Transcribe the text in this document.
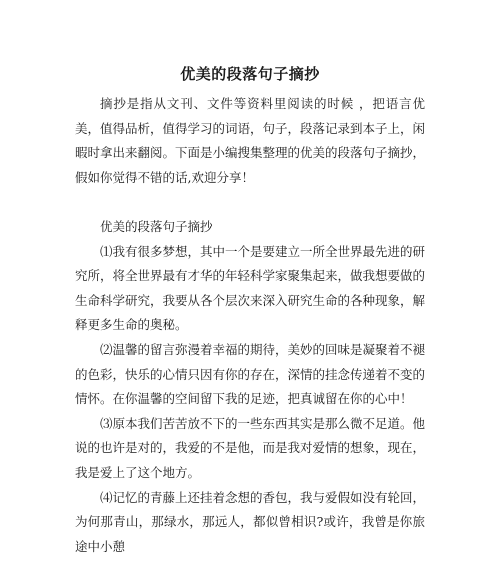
优美的段落句子摘抄

摘抄是指从文刊、文件等资料里阅读的时候 ，把语言优美，值得品析，值得学习的词语，句子，段落记录到本子上，闲暇时拿出来翻阅。下面是小编搜集整理的优美的段落句子摘抄，假如你觉得不错的话,欢迎分享！

优美的段落句子摘抄

⑴我有很多梦想，其中一个是要建立一所全世界最先进的研究所，将全世界最有才华的年轻科学家聚集起来，做我想要做的生命科学研究，我要从各个层次来深入研究生命的各种现象，解释更多生命的奥秘。

⑵温馨的留言弥漫着幸福的期待，美妙的回味是凝聚着不褪的色彩，快乐的心情只因有你的存在，深情的挂念传递着不变的情怀。在你温馨的空间留下我的足迹，把真诚留在你的心中！

⑶原本我们苦苦放不下的一些东西其实是那么微不足道。他说的也许是对的，我爱的不是他，而是我对爱情的想象，现在，我是爱上了这个地方。

⑷记忆的青藤上还挂着念想的香包，我与爱假如没有轮回，为何那青山，那绿水，那远人，都似曾相识?或许，我曾是你旅途中小憩
